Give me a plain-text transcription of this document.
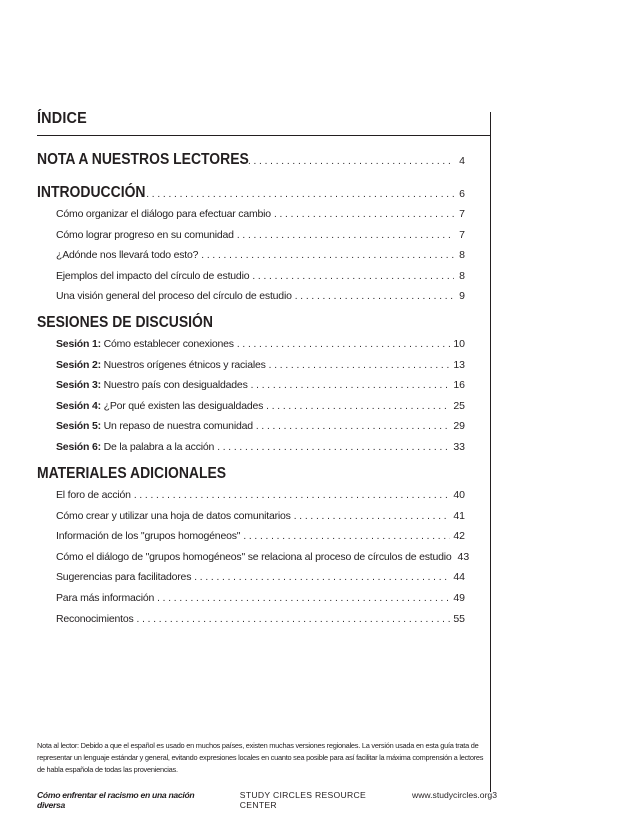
ÍNDICE
NOTA A NUESTROS LECTORES . . .	4
INTRODUCCIÓN . . .	6
Cómo organizar el diálogo para efectuar cambio . . .	7
Cómo lograr progreso en su comunidad . . .	7
¿Adónde nos llevará todo esto? . . .	8
Ejemplos del impacto del círculo de estudio . . .	8
Una visión general del proceso del círculo de estudio . . .	9
SESIONES DE DISCUSIÓN
Sesión 1: Cómo establecer conexiones . . .	10
Sesión 2: Nuestros orígenes étnicos y raciales . . .	13
Sesión 3: Nuestro país con desigualdades . . .	16
Sesión 4: ¿Por qué existen las desigualdades . . .	25
Sesión 5: Un repaso de nuestra comunidad . . .	29
Sesión 6: De la palabra a la acción . . .	33
MATERIALES ADICIONALES
El foro de acción . . .	40
Cómo crear y utilizar una hoja de datos comunitarios . . .	41
Información de los "grupos homogéneos" . . .	42
Cómo el diálogo de "grupos homogéneos" se relaciona al proceso de círculos de estudio 43
Sugerencias para facilitadores . . .	44
Para más información . . .	49
Reconocimientos . . .	55
Nota al lector: Debido a que el español es usado en muchos países, existen muchas versiones regionales. La versión usada en esta guía trata de representar un lenguaje estándar y general, evitando expresiones locales en cuanto sea posible para así facilitar la máxima comprensión a lectores de habla española de todas las proveniencias.
Cómo enfrentar el racismo en una nación diversa
STUDY CIRCLES RESOURCE CENTER
www.studycircles.org 3
